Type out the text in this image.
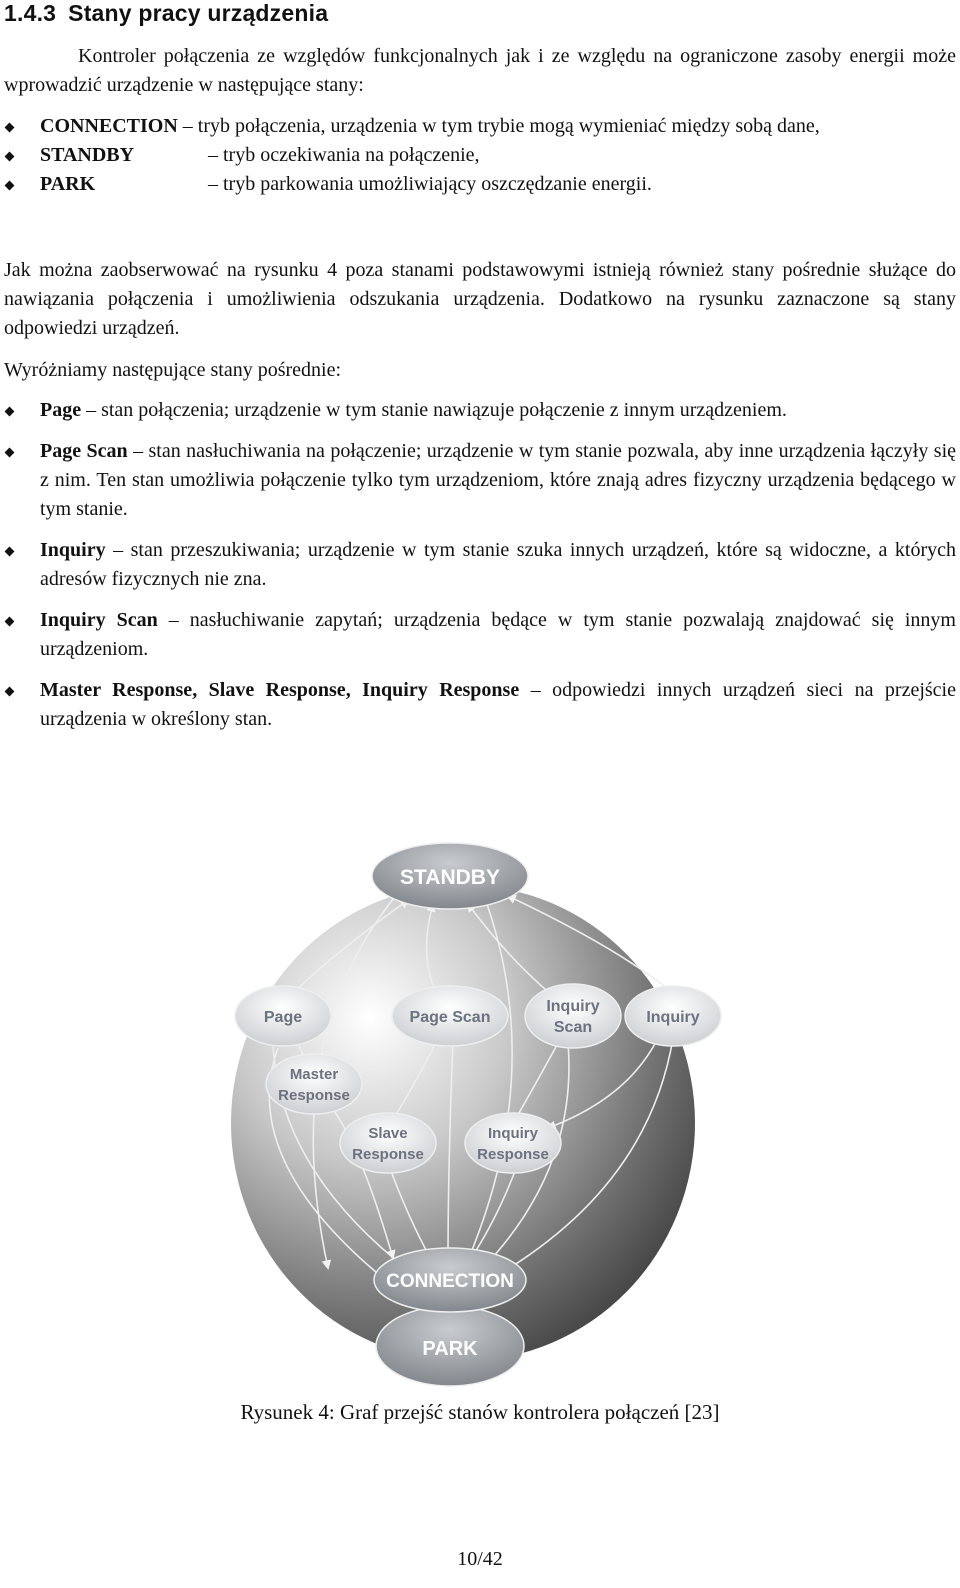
1.4.3 Stany pracy urządzenia
Kontroler połączenia ze względów funkcjonalnych jak i ze względu na ograniczone zasoby energii może wprowadzić urządzenie w następujące stany:
CONNECTION – tryb połączenia, urządzenia w tym trybie mogą wymieniać między sobą dane,
STANDBY	– tryb oczekiwania na połączenie,
PARK	– tryb parkowania umożliwiający oszczędzanie energii.
Jak można zaobserwować na rysunku 4 poza stanami podstawowymi istnieją również stany pośrednie służące do nawiązania połączenia i umożliwienia odszukania urządzenia. Dodatkowo na rysunku zaznaczone są stany odpowiedzi urządzeń.
Wyróżniamy następujące stany pośrednie:
Page – stan połączenia; urządzenie w tym stanie nawiązuje połączenie z innym urządzeniem.
Page Scan – stan nasłuchiwania na połączenie; urządzenie w tym stanie pozwala, aby inne urządzenia łączyły się z nim. Ten stan umożliwia połączenie tylko tym urządzeniom, które znają adres fizyczny urządzenia będącego w tym stanie.
Inquiry – stan przeszukiwania; urządzenie w tym stanie szuka innych urządzeń, które są widoczne, a których adresów fizycznych nie zna.
Inquiry Scan – nasłuchiwanie zapytań; urządzenia będące w tym stanie pozwalają znajdować się innym urządzeniom.
Master Response, Slave Response, Inquiry Response – odpowiedzi innych urządzeń sieci na przejście urządzenia w określony stan.
STANDBY
Page	Page Scan
Inquiry
Scan
Inquiry
Master
Response
Slave
Response
Inquiry
Response
PARK
CONNECTION
Rysunek 4: Graf przejść stanów kontrolera połączeń [23]
10/42
